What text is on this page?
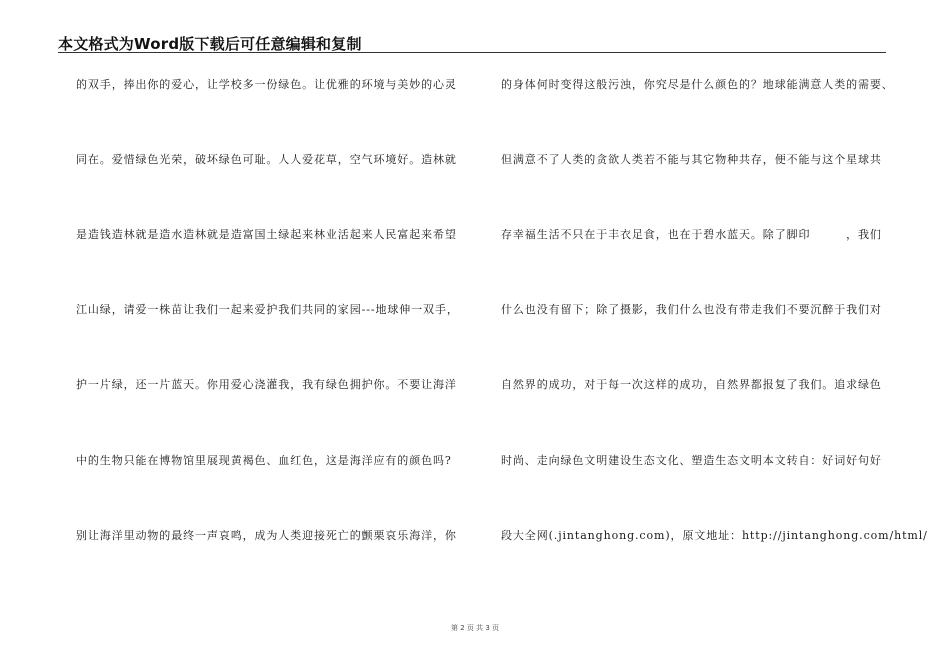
本文格式为Word版下载后可任意编辑和复制
的双手，捧出你的爱心，让学校多一份绿色。让优雅的环境与美妙的心灵
同在。爱惜绿色光荣，破坏绿色可耻。人人爱花草，空气环境好。造林就
是造钱造林就是造水造林就是造富国土绿起来林业活起来人民富起来希望
江山绿，请爱一株苗让我们一起来爱护我们共同的家园---地球伸一双手，
护一片绿，还一片蓝天。你用爱心浇灌我，我有绿色拥护你。不要让海洋
中的生物只能在博物馆里展现黄褐色、血红色，这是海洋应有的颜色吗?
别让海洋里动物的最终一声哀鸣，成为人类迎接死亡的颤栗哀乐海洋，你
的身体何时变得这般污浊，你究尽是什么颜色的？地球能满意人类的需要、
但满意不了人类的贪欲人类若不能与其它物种共存，便不能与这个星球共
存幸福生活不只在于丰衣足食，也在于碧水蓝天。除了脚印　　　，我们
什么也没有留下；除了摄影，我们什么也没有带走我们不要沉醉于我们对
自然界的成功，对于每一次这样的成功，自然界都报复了我们。追求绿色
时尚、走向绿色文明建设生态文化、塑造生态文明本文转自：好词好句好
段大全网(.jintanghong.com)，原文地址：http://jintanghong.com/html/
第 2 页 共 3 页
